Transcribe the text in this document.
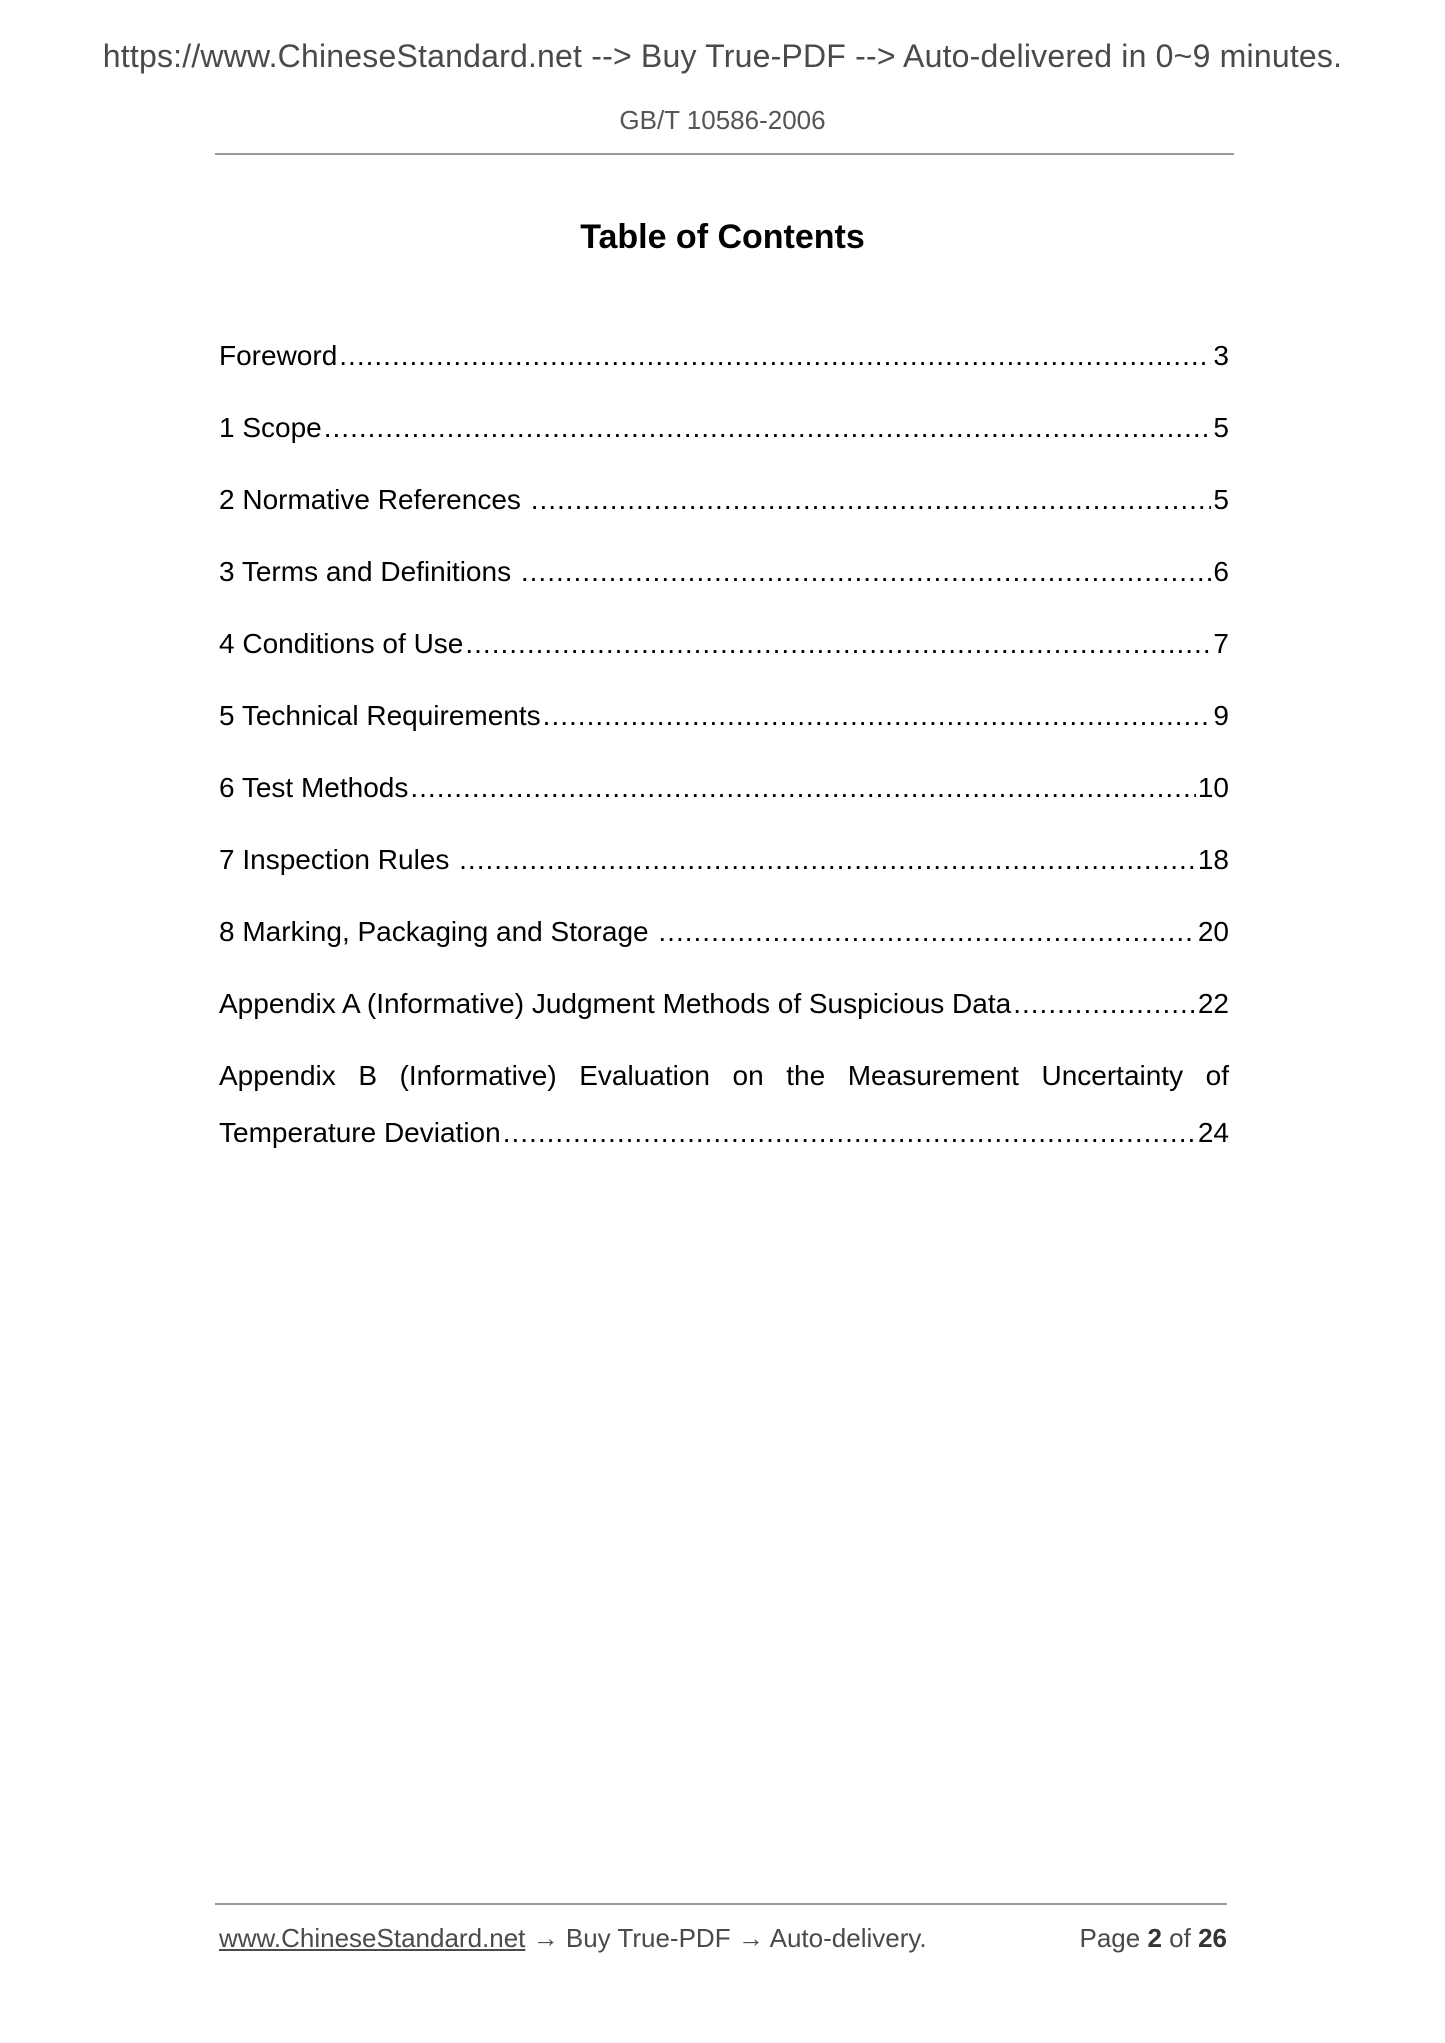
https://www.ChineseStandard.net --> Buy True-PDF --> Auto-delivered in 0~9 minutes.
GB/T 10586-2006
Table of Contents
Foreword .....	3
1 Scope .....	5
2 Normative References .....	5
3 Terms and Definitions .....	6
4 Conditions of Use .....	7
5 Technical Requirements .....	9
6 Test Methods .....	10
7 Inspection Rules .....	18
8 Marking, Packaging and Storage .....	20
Appendix A (Informative) Judgment Methods of Suspicious Data .....	22
Appendix B (Informative) Evaluation on the Measurement Uncertainty of
Temperature Deviation .....	24
www.ChineseStandard.net → Buy True-PDF → Auto-delivery.	Page 2 of 26
